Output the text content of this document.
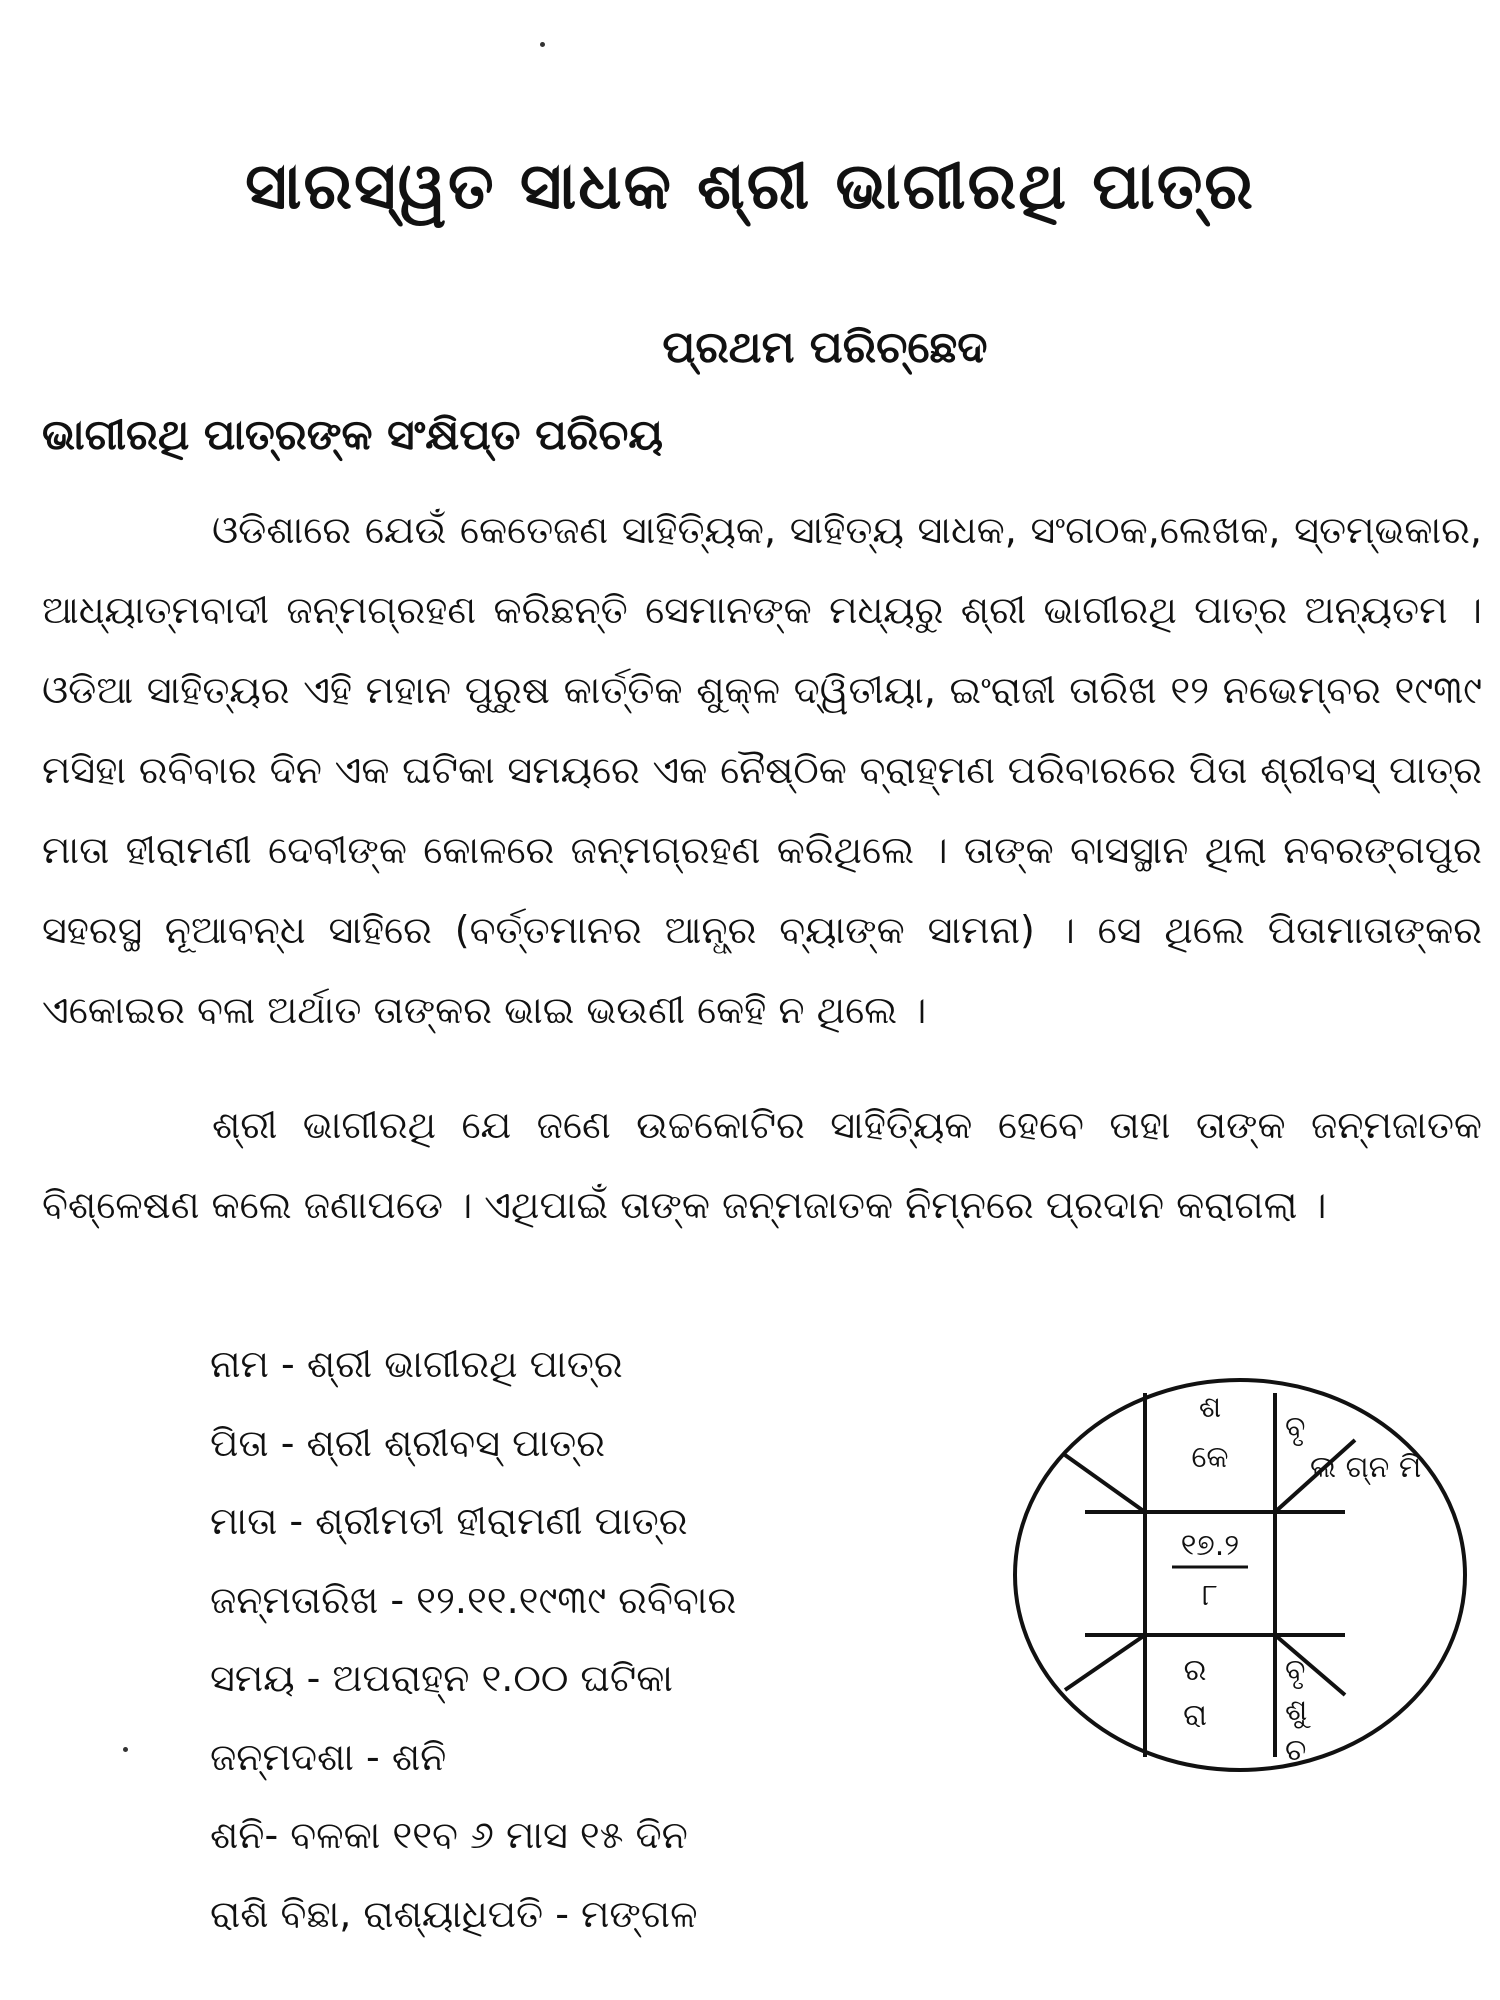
ସାରସ୍ୱତ ସାଧକ ଶ୍ରୀ ଭାଗୀରଥି ପାତ୍ର
ପ୍ରଥମ ପରିଚ୍ଛେଦ
ଭାଗୀରଥି ପାତ୍ରଙ୍କ ସଂକ୍ଷିପ୍ତ ପରିଚୟ

ଓଡିଶାରେ ଯେଉଁ କେତେଜଣ ସାହିତ୍ୟିକ, ସାହିତ୍ୟ ସାଧକ, ସଂଗଠକ,ଲେଖକ, ସ୍ତମ୍ଭକାର, ଆଧ୍ୟାତ୍ମବାଦୀ ଜନ୍ମଗ୍ରହଣ କରିଛନ୍ତି ସେମାନଙ୍କ ମଧ୍ୟରୁ ଶ୍ରୀ ଭାଗୀରଥି ପାତ୍ର ଅନ୍ୟତମ । ଓଡିଆ ସାହିତ୍ୟର ଏହି ମହାନ ପୁରୁଷ କାର୍ତ୍ତିକ ଶୁକ୍ଳ ଦ୍ୱିତୀୟା, ଇଂରାଜୀ ତାରିଖ ୧୨ ନଭେମ୍ବର ୧୯୩୯ ମସିହା ରବିବାର ଦିନ ଏକ ଘଟିକା ସମୟରେ ଏକ ନୈଷ୍ଠିକ ବ୍ରାହ୍ମଣ ପରିବାରରେ ପିତା ଶ୍ରୀବସ୍ ପାତ୍ର ମାତା ହୀରାମଣୀ ଦେବୀଙ୍କ କୋଳରେ ଜନ୍ମଗ୍ରହଣ କରିଥିଲେ । ତାଙ୍କ ବାସସ୍ଥାନ ଥିଲା ନବରଙ୍ଗପୁର ସହରସ୍ଥ ନୂଆବନ୍ଧ ସାହିରେ (ବର୍ତ୍ତମାନର ଆନ୍ଧ୍ର ବ୍ୟାଙ୍କ ସାମନା) । ସେ ଥିଲେ ପିତାମାତାଙ୍କର ଏକୋଇର ବଳା ଅର୍ଥାତ ତାଙ୍କର ଭାଇ ଭଉଣୀ କେହି ନ ଥିଲେ ।

ଶ୍ରୀ ଭାଗୀରଥି ଯେ ଜଣେ ଉଚ୍ଚକୋଟିର ସାହିତ୍ୟିକ ହେବେ ତାହା ତାଙ୍କ ଜନ୍ମଜାତକ ବିଶ୍ଳେଷଣ କଲେ ଜଣାପଡେ । ଏଥିପାଇଁ ତାଙ୍କ ଜନ୍ମଜାତକ ନିମ୍ନରେ ପ୍ରଦାନ କରାଗଲା ।

ନାମ - ଶ୍ରୀ ଭାଗୀରଥି ପାତ୍ର
ପିତା - ଶ୍ରୀ ଶ୍ରୀବସ୍ ପାତ୍ର
ମାତା - ଶ୍ରୀମତୀ ହୀରାମଣୀ ପାତ୍ର
ଜନ୍ମତାରିଖ - ୧୨.୧୧.୧୯୩୯ ରବିବାର
ସମୟ - ଅପରାହ୍ନ ୧.୦୦ ଘଟିକା
ଜନ୍ମଦଶା - ଶନି
ଶନି- ବଳକା ୧୧ବ ୬ ମାସ ୧୫ ଦିନ
ରାଶି ବିଛା, ରାଶ୍ୟାଧିପତି - ମଙ୍ଗଳ
ଶ
କେ
ବୃ
ଲ ଗ୍ନ ମି
୧୭.୨
୮
ର
ରା
ବୃ
ଶୁ
ଚ
